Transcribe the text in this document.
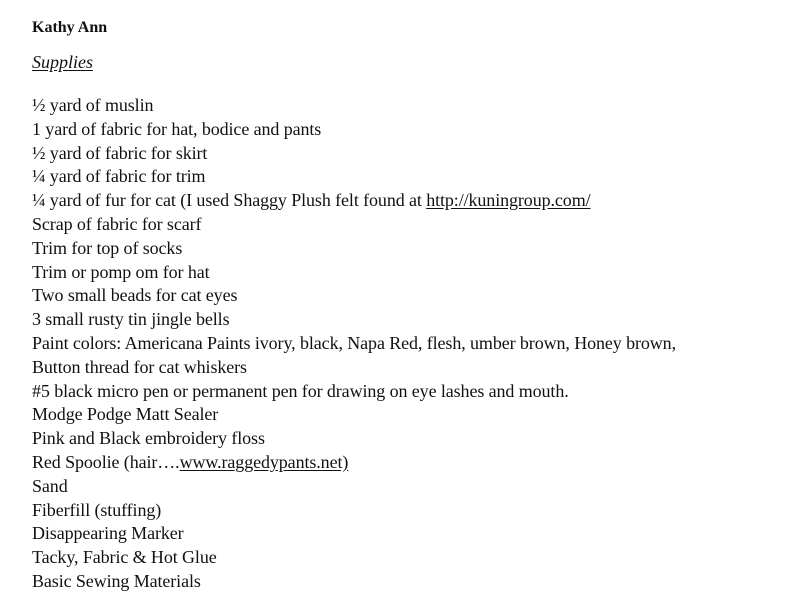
Kathy Ann
Supplies
½ yard of muslin
1 yard of fabric for hat, bodice and pants
½ yard of fabric for skirt
¼ yard of fabric for trim
¼ yard of fur for cat (I used Shaggy Plush felt found at http://kuningroup.com/
Scrap of fabric for scarf
Trim for top of socks
Trim or pomp om for hat
Two small beads for cat eyes
3 small rusty tin jingle bells
Paint colors: Americana Paints ivory, black, Napa Red, flesh, umber brown, Honey brown,
Button thread for cat whiskers
#5 black micro pen or permanent pen for drawing on eye lashes and mouth.
Modge Podge Matt Sealer
Pink and Black embroidery floss
Red Spoolie (hair….www.raggedypants.net)
Sand
Fiberfill (stuffing)
Disappearing Marker
Tacky, Fabric & Hot Glue
Basic Sewing Materials
